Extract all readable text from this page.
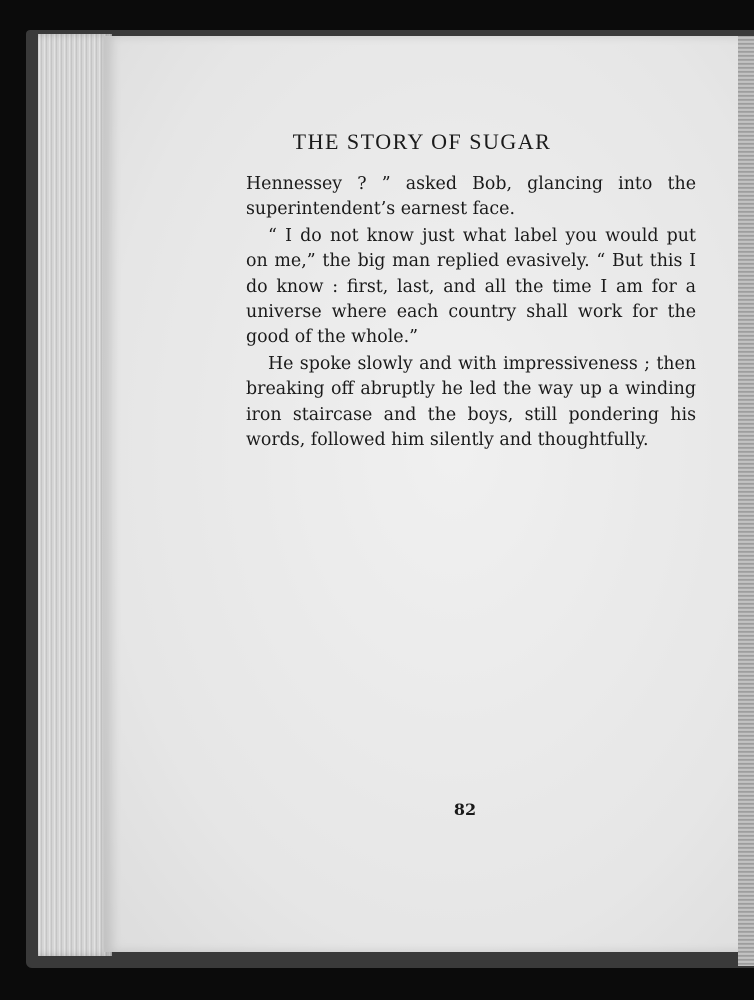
THE STORY OF SUGAR

Hennessey ? ” asked Bob, glancing into the superintendent’s earnest face.

“ I do not know just what label you would put on me,” the big man replied evasively. “ But this I do know : first, last, and all the time I am for a universe where each country shall work for the good of the whole.”

He spoke slowly and with impressiveness ; then breaking off abruptly he led the way up a winding iron staircase and the boys, still pondering his words, followed him silently and thoughtfully.

82
